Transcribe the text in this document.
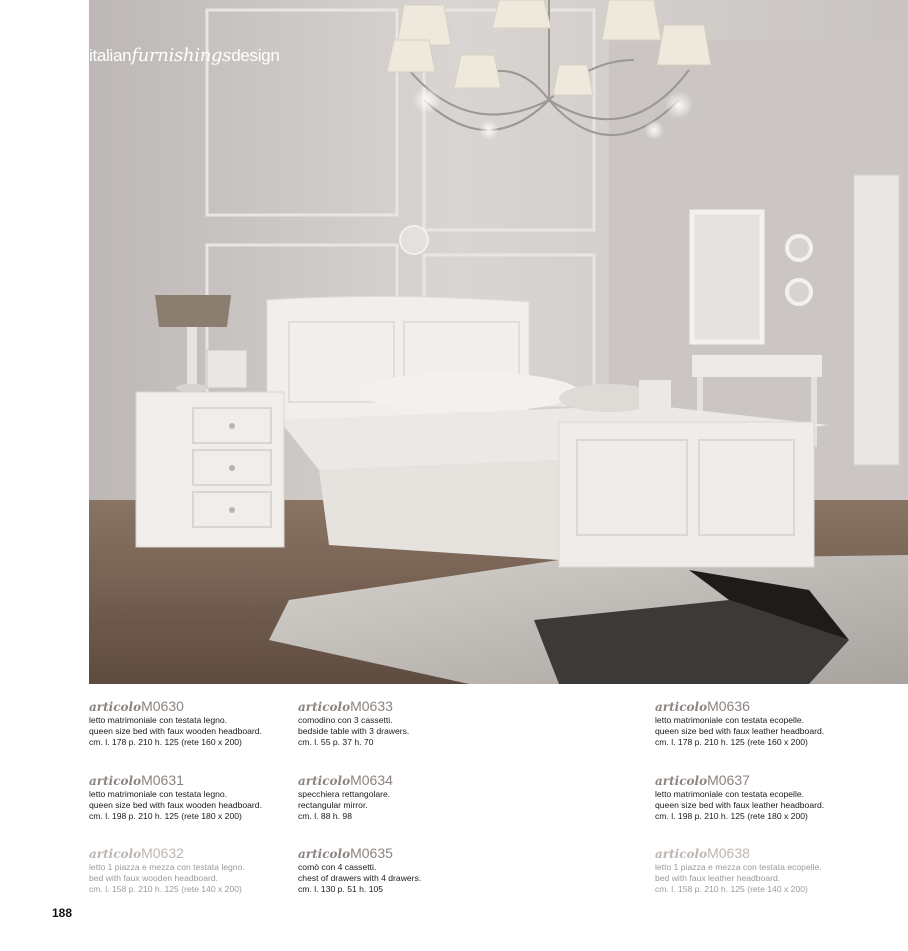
italianfurnishingsdesign
articoloM0630
letto matrimoniale con testata legno.
queen size bed with faux wooden headboard.
cm. l. 178 p. 210 h. 125 (rete 160 x 200)
articoloM0631
letto matrimoniale con testata legno.
queen size bed with faux wooden headboard.
cm. l. 198 p. 210 h. 125 (rete 180 x 200)
articoloM0632
letto 1 piazza e mezza con testata legno.
bed with faux wooden headboard.
cm. l. 158 p. 210 h. 125 (rete 140 x 200)
articoloM0633
comodino con 3 cassetti.
bedside table with 3 drawers.
cm. l. 55 p. 37 h. 70
articoloM0634
specchiera rettangolare.
rectangular mirror.
cm. l. 88 h. 98
articoloM0635
comò con 4 cassetti.
chest of drawers with 4 drawers.
cm. l. 130 p. 51 h. 105
articoloM0636
letto matrimoniale con testata ecopelle.
queen size bed with faux leather headboard.
cm. l. 178 p. 210 h. 125 (rete 160 x 200)
articoloM0637
letto matrimoniale con testata ecopelle.
queen size bed with faux leather headboard.
cm. l. 198 p. 210 h. 125 (rete 180 x 200)
articoloM0638
letto 1 piazza e mezza con testata ecopelle.
bed with faux leather headboard.
cm. l. 158 p. 210 h. 125 (rete 140 x 200)
188
